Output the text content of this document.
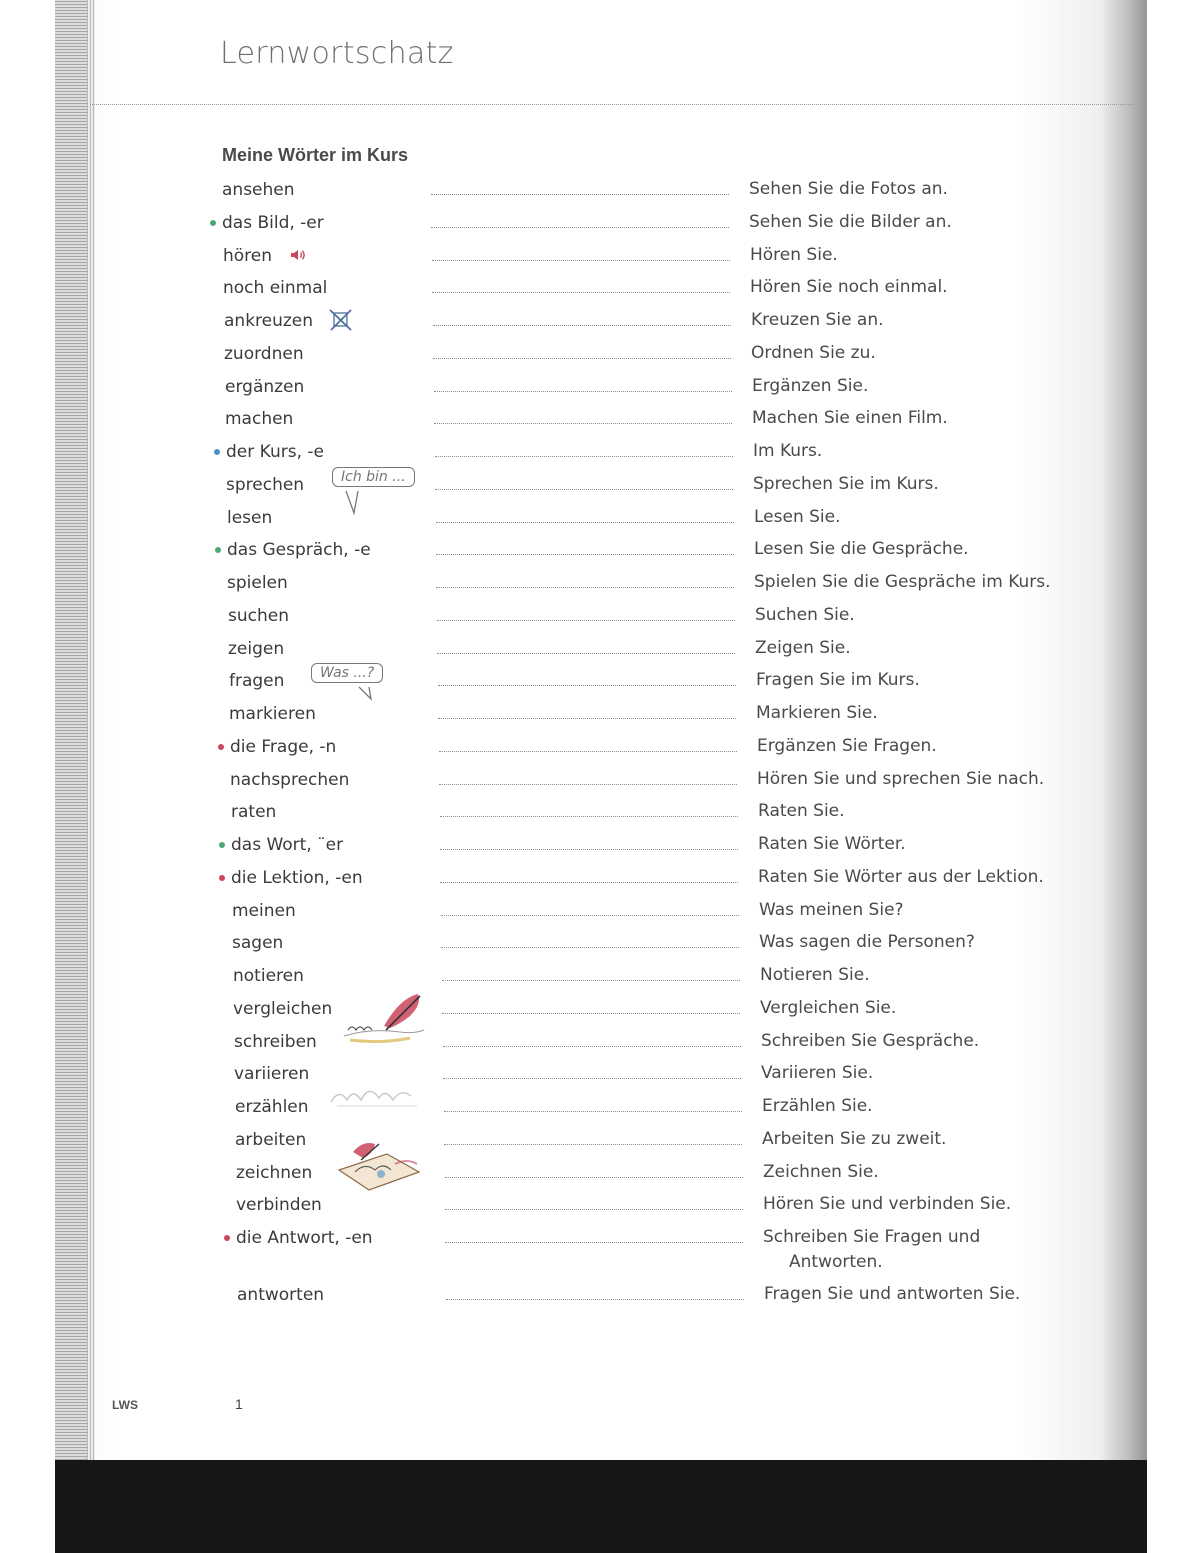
Lernwortschatz
Meine Wörter im Kurs
ansehen	Sehen Sie die Fotos an.
das Bild, -er	Sehen Sie die Bilder an.
hören	Hören Sie.
noch einmal	Hören Sie noch einmal.
ankreuzen	Kreuzen Sie an.
zuordnen	Ordnen Sie zu.
ergänzen	Ergänzen Sie.
machen	Machen Sie einen Film.
der Kurs, -e	Im Kurs.
sprechen	Ich bin ...	Sprechen Sie im Kurs.
lesen	Lesen Sie.
das Gespräch, -e	Lesen Sie die Gespräche.
spielen	Spielen Sie die Gespräche im Kurs.
suchen	Suchen Sie.
zeigen	Zeigen Sie.
fragen	Was ...?	Fragen Sie im Kurs.
markieren	Markieren Sie.
die Frage, -n	Ergänzen Sie Fragen.
nachsprechen	Hören Sie und sprechen Sie nach.
raten	Raten Sie.
das Wort, ¨er	Raten Sie Wörter.
die Lektion, -en	Raten Sie Wörter aus der Lektion.
meinen	Was meinen Sie?
sagen	Was sagen die Personen?
notieren	Notieren Sie.
vergleichen	Vergleichen Sie.
schreiben	Schreiben Sie Gespräche.
variieren	Variieren Sie.
erzählen	Erzählen Sie.
arbeiten	Arbeiten Sie zu zweit.
zeichnen	Zeichnen Sie.
verbinden	Hören Sie und verbinden Sie.
die Antwort, -en	Schreiben Sie Fragen und
Antworten.
antworten	Fragen Sie und antworten Sie.
LWS	1
